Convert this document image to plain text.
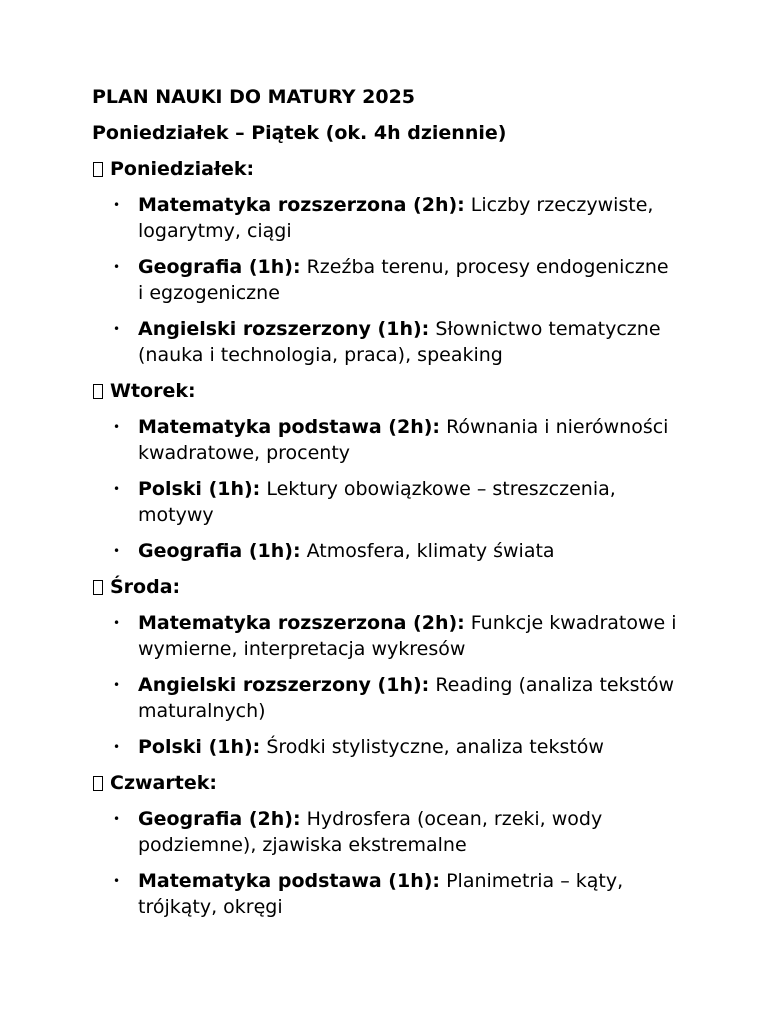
PLAN NAUKI DO MATURY 2025
Poniedziałek – Piątek (ok. 4h dziennie)
Poniedziałek:
• Matematyka rozszerzona (2h): Liczby rzeczywiste, logarytmy, ciągi
• Geografia (1h): Rzeźba terenu, procesy endogeniczne i egzogeniczne
• Angielski rozszerzony (1h): Słownictwo tematyczne (nauka i technologia, praca), speaking
Wtorek:
• Matematyka podstawa (2h): Równania i nierówności kwadratowe, procenty
• Polski (1h): Lektury obowiązkowe – streszczenia, motywy
• Geografia (1h): Atmosfera, klimaty świata
Środa:
• Matematyka rozszerzona (2h): Funkcje kwadratowe i wymierne, interpretacja wykresów
• Angielski rozszerzony (1h): Reading (analiza tekstów maturalnych)
• Polski (1h): Środki stylistyczne, analiza tekstów
Czwartek:
• Geografia (2h): Hydrosfera (ocean, rzeki, wody podziemne), zjawiska ekstremalne
• Matematyka podstawa (1h): Planimetria – kąty, trójkąty, okręgi
